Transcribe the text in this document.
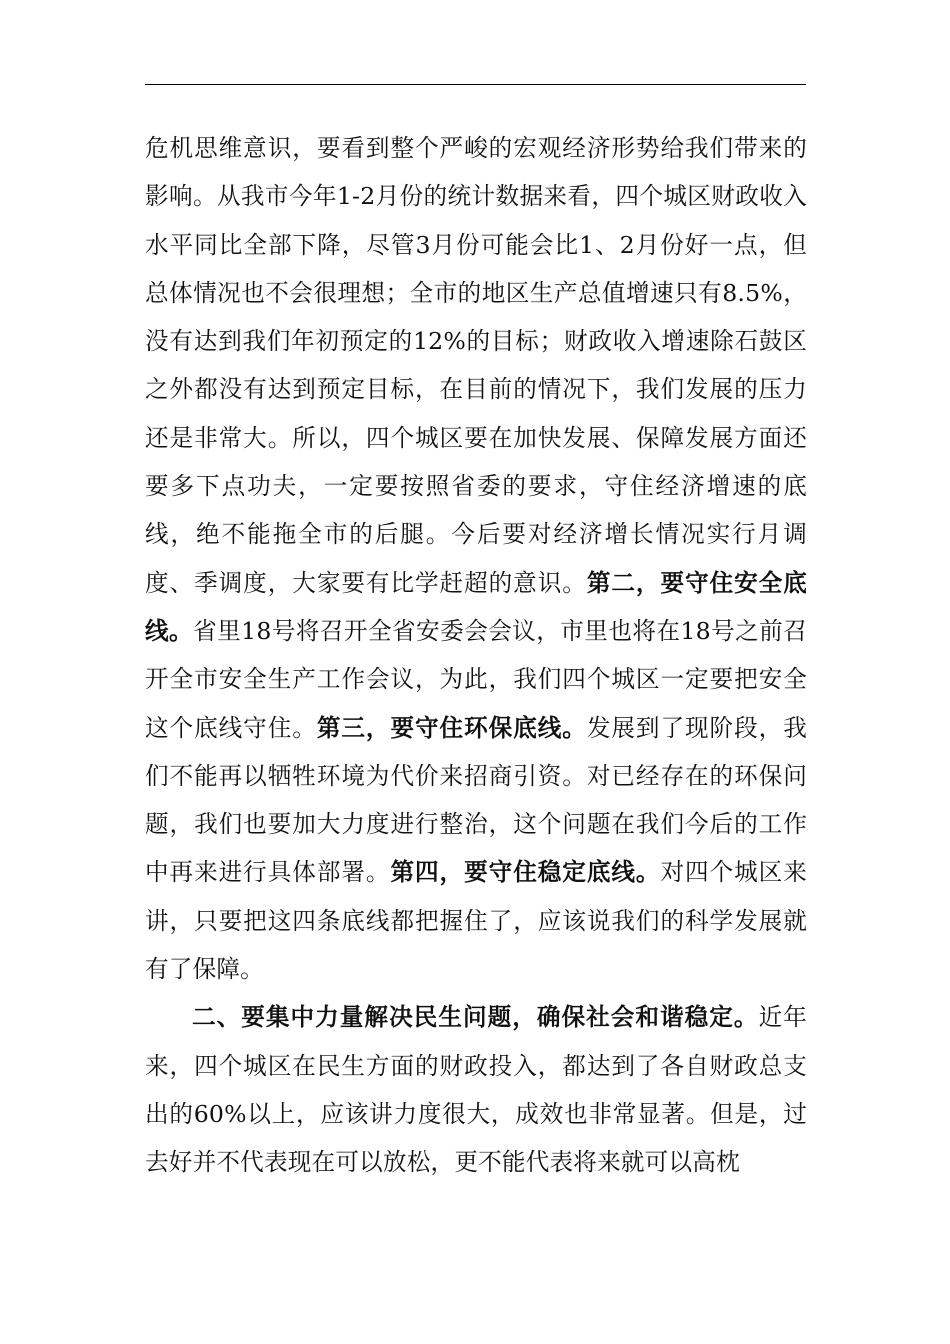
危机思维意识，要看到整个严峻的宏观经济形势给我们带来的影响。从我市今年1-2月份的统计数据来看，四个城区财政收入水平同比全部下降，尽管3月份可能会比1、2月份好一点，但总体情况也不会很理想；全市的地区生产总值增速只有8.5%，没有达到我们年初预定的12%的目标；财政收入增速除石鼓区之外都没有达到预定目标，在目前的情况下，我们发展的压力还是非常大。所以，四个城区要在加快发展、保障发展方面还要多下点功夫，一定要按照省委的要求，守住经济增速的底线，绝不能拖全市的后腿。今后要对经济增长情况实行月调度、季调度，大家要有比学赶超的意识。第二，要守住安全底线。省里18号将召开全省安委会会议，市里也将在18号之前召开全市安全生产工作会议，为此，我们四个城区一定要把安全这个底线守住。第三，要守住环保底线。发展到了现阶段，我们不能再以牺牲环境为代价来招商引资。对已经存在的环保问题，我们也要加大力度进行整治，这个问题在我们今后的工作中再来进行具体部署。第四，要守住稳定底线。对四个城区来讲，只要把这四条底线都把握住了，应该说我们的科学发展就有了保障。

二、要集中力量解决民生问题，确保社会和谐稳定。近年来，四个城区在民生方面的财政投入，都达到了各自财政总支出的60%以上，应该讲力度很大，成效也非常显著。但是，过去好并不代表现在可以放松，更不能代表将来就可以高枕
